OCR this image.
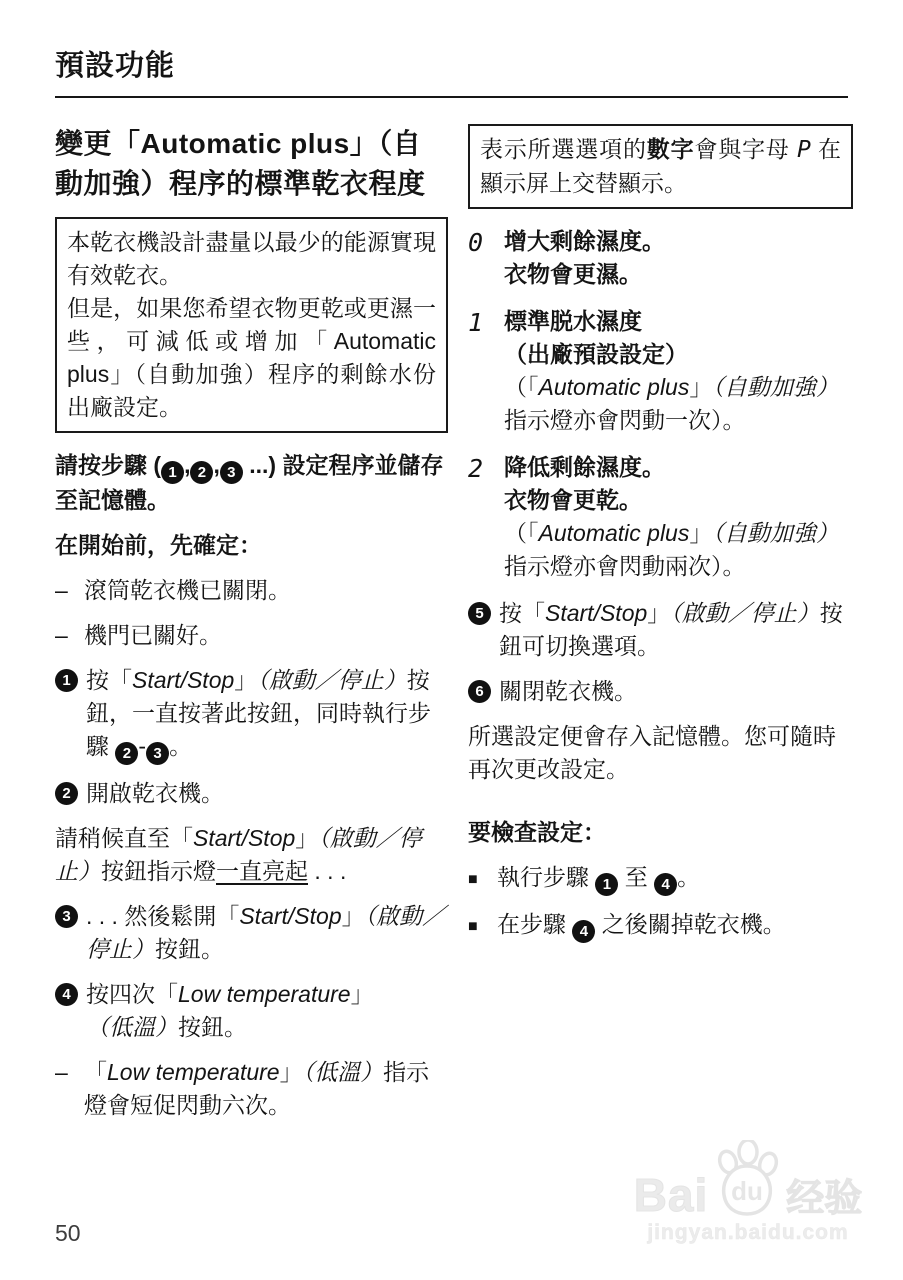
預設功能
變更「Automatic plus」（自動加強）程序的標準乾衣程度
本乾衣機設計盡量以最少的能源實現有效乾衣。
但是，如果您希望衣物更乾或更濕一些，可減低或增加「Automatic plus」（自動加強）程序的剩餘水份出廠設定。
請按步驟 ( 1 , 2 , 3 ...) 設定程序並儲存至記憶體。
在開始前，先確定：
– 滾筒乾衣機已關閉。
– 機門已關好。
1 按「Start/Stop」（啟動／停止）按鈕，一直按著此按鈕，同時執行步驟 2 - 3 。
2 開啟乾衣機。
請稍候直至「Start/Stop」（啟動／停止）按鈕指示燈一直亮起 . . .
3 . . . 然後鬆開「Start/Stop」（啟動／停止）按鈕。
4 按四次「Low temperature」（低溫）按鈕。
– 「Low temperature」（低溫）指示燈會短促閃動六次。
表示所選選項的數字會與字母 P 在顯示屏上交替顯示。
0 增大剩餘濕度。
衣物會更濕。
1 標準脱水濕度
（出廠預設設定）
（「Automatic plus」（自動加強）指示燈亦會閃動一次）。
2 降低剩餘濕度。
衣物會更乾。
（「Automatic plus」（自動加強）指示燈亦會閃動兩次）。
5 按「Start/Stop」（啟動／停止）按鈕可切換選項。
6 關閉乾衣機。
所選設定便會存入記憶體。您可隨時再次更改設定。
要檢查設定：
■ 執行步驟 1 至 4 。
■ 在步驟 4 之後關掉乾衣機。
50
Bai du 经验
jingyan.baidu.com
